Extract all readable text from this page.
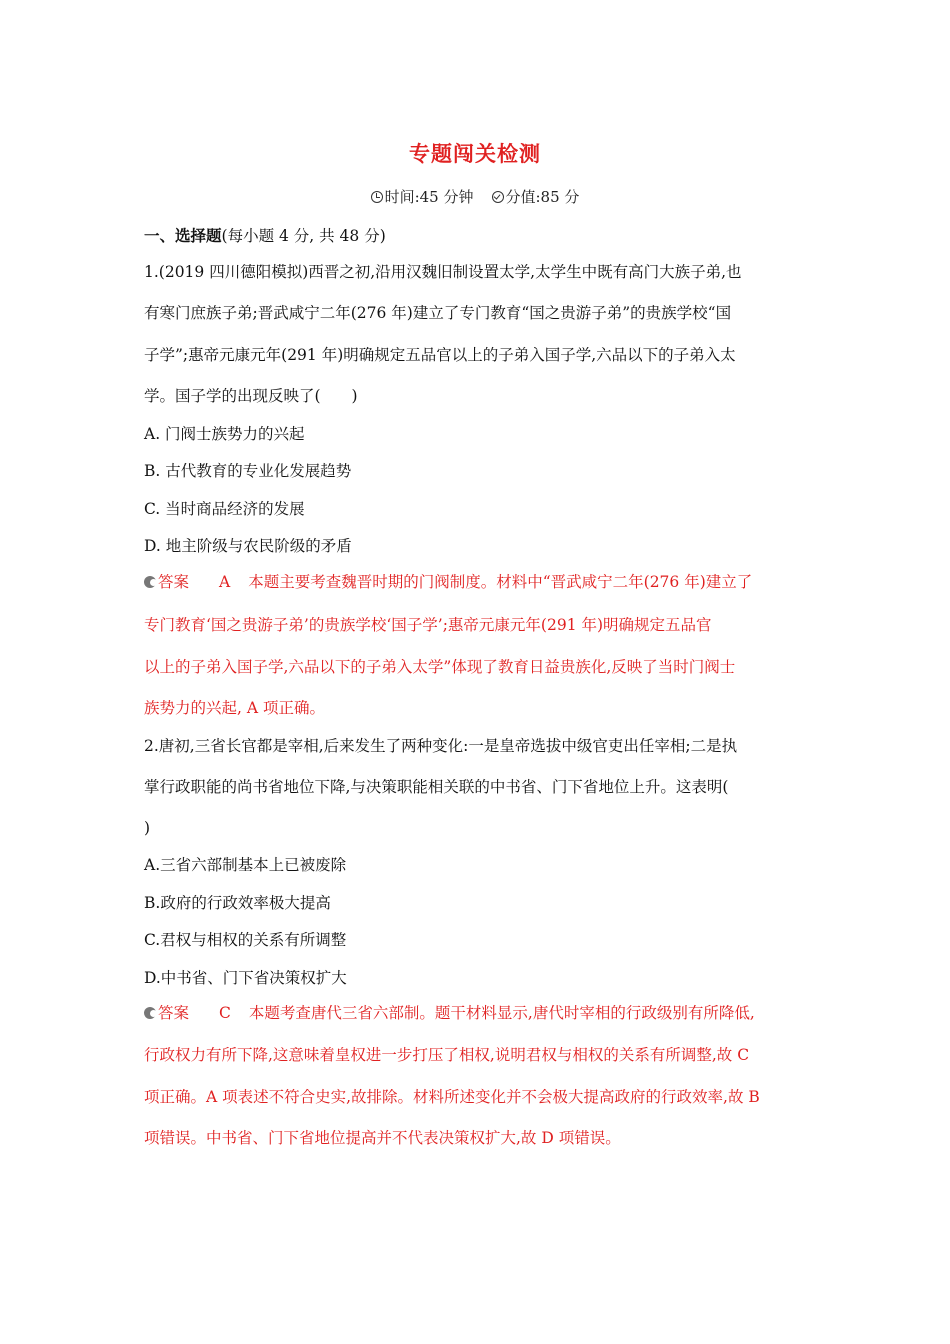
专题闯关检测
时间:45 分钟 分值:85 分
一、选择题(每小题 4 分, 共 48 分)
1.(2019 四川德阳模拟)西晋之初,沿用汉魏旧制设置太学,太学生中既有高门大族子弟,也
有寒门庶族子弟;晋武咸宁二年(276 年)建立了专门教育“国之贵游子弟”的贵族学校“国
子学”;惠帝元康元年(291 年)明确规定五品官以上的子弟入国子学,六品以下的子弟入太
学。国子学的出现反映了(　　)
A. 门阀士族势力的兴起
B. 古代教育的专业化发展趋势
C. 当时商品经济的发展
D. 地主阶级与农民阶级的矛盾
答案 A 本题主要考查魏晋时期的门阀制度。材料中“晋武咸宁二年(276 年)建立了
专门教育‘国之贵游子弟’的贵族学校‘国子学’;惠帝元康元年(291 年)明确规定五品官
以上的子弟入国子学,六品以下的子弟入太学”体现了教育日益贵族化,反映了当时门阀士
族势力的兴起, A 项正确。
2.唐初,三省长官都是宰相,后来发生了两种变化:一是皇帝选拔中级官吏出任宰相;二是执
掌行政职能的尚书省地位下降,与决策职能相关联的中书省、门下省地位上升。这表明(
)
A.三省六部制基本上已被废除
B.政府的行政效率极大提高
C.君权与相权的关系有所调整
D.中书省、门下省决策权扩大
答案 C 本题考查唐代三省六部制。题干材料显示,唐代时宰相的行政级别有所降低,
行政权力有所下降,这意味着皇权进一步打压了相权,说明君权与相权的关系有所调整,故 C
项正确。A 项表述不符合史实,故排除。材料所述变化并不会极大提高政府的行政效率,故 B
项错误。中书省、门下省地位提高并不代表决策权扩大,故 D 项错误。
